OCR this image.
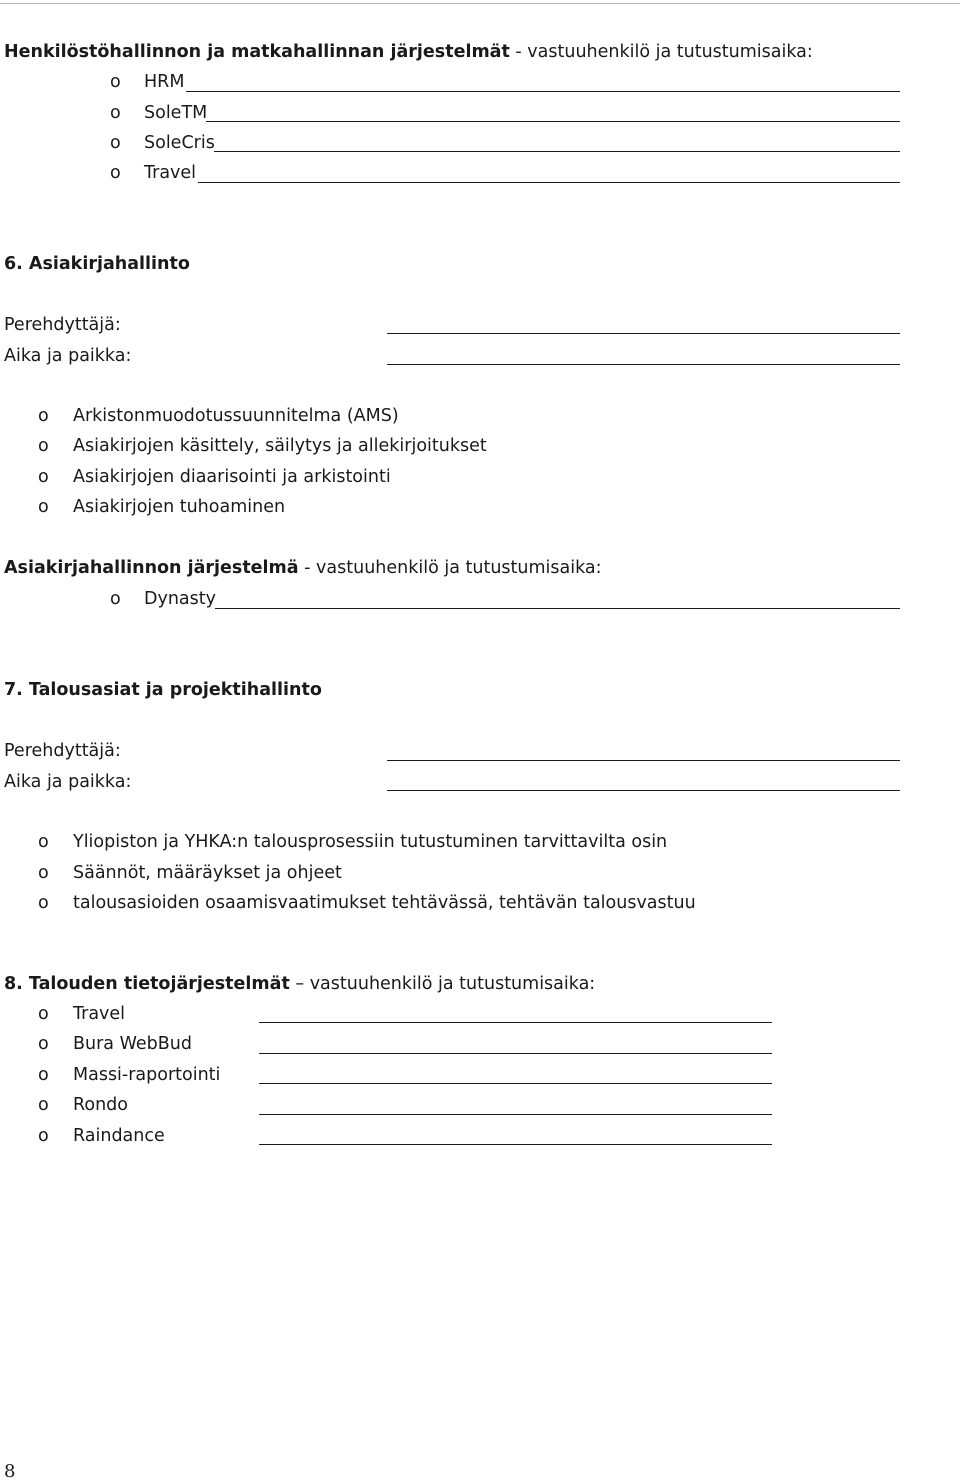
Henkilöstöhallinnon ja matkahallinnan järjestelmät - vastuuhenkilö ja tutustumisaika:
o HRM
o SoleTM
o SoleCris
o Travel
6. Asiakirjahallinto
Perehdyttäjä:
Aika ja paikka:
o Arkistonmuodotussuunnitelma (AMS)
o Asiakirjojen käsittely, säilytys ja allekirjoitukset
o Asiakirjojen diaarisointi ja arkistointi
o Asiakirjojen tuhoaminen
Asiakirjahallinnon järjestelmä - vastuuhenkilö ja tutustumisaika:
o Dynasty
7. Talousasiat ja projektihallinto
Perehdyttäjä:
Aika ja paikka:
o Yliopiston ja YHKA:n talousprosessiin tutustuminen tarvittavilta osin
o Säännöt, määräykset ja ohjeet
o talousasioiden osaamisvaatimukset tehtävässä, tehtävän talousvastuu
8. Talouden tietojärjestelmät – vastuuhenkilö ja tutustumisaika:
o Travel
o Bura WebBud
o Massi-raportointi
o Rondo
o Raindance
8
